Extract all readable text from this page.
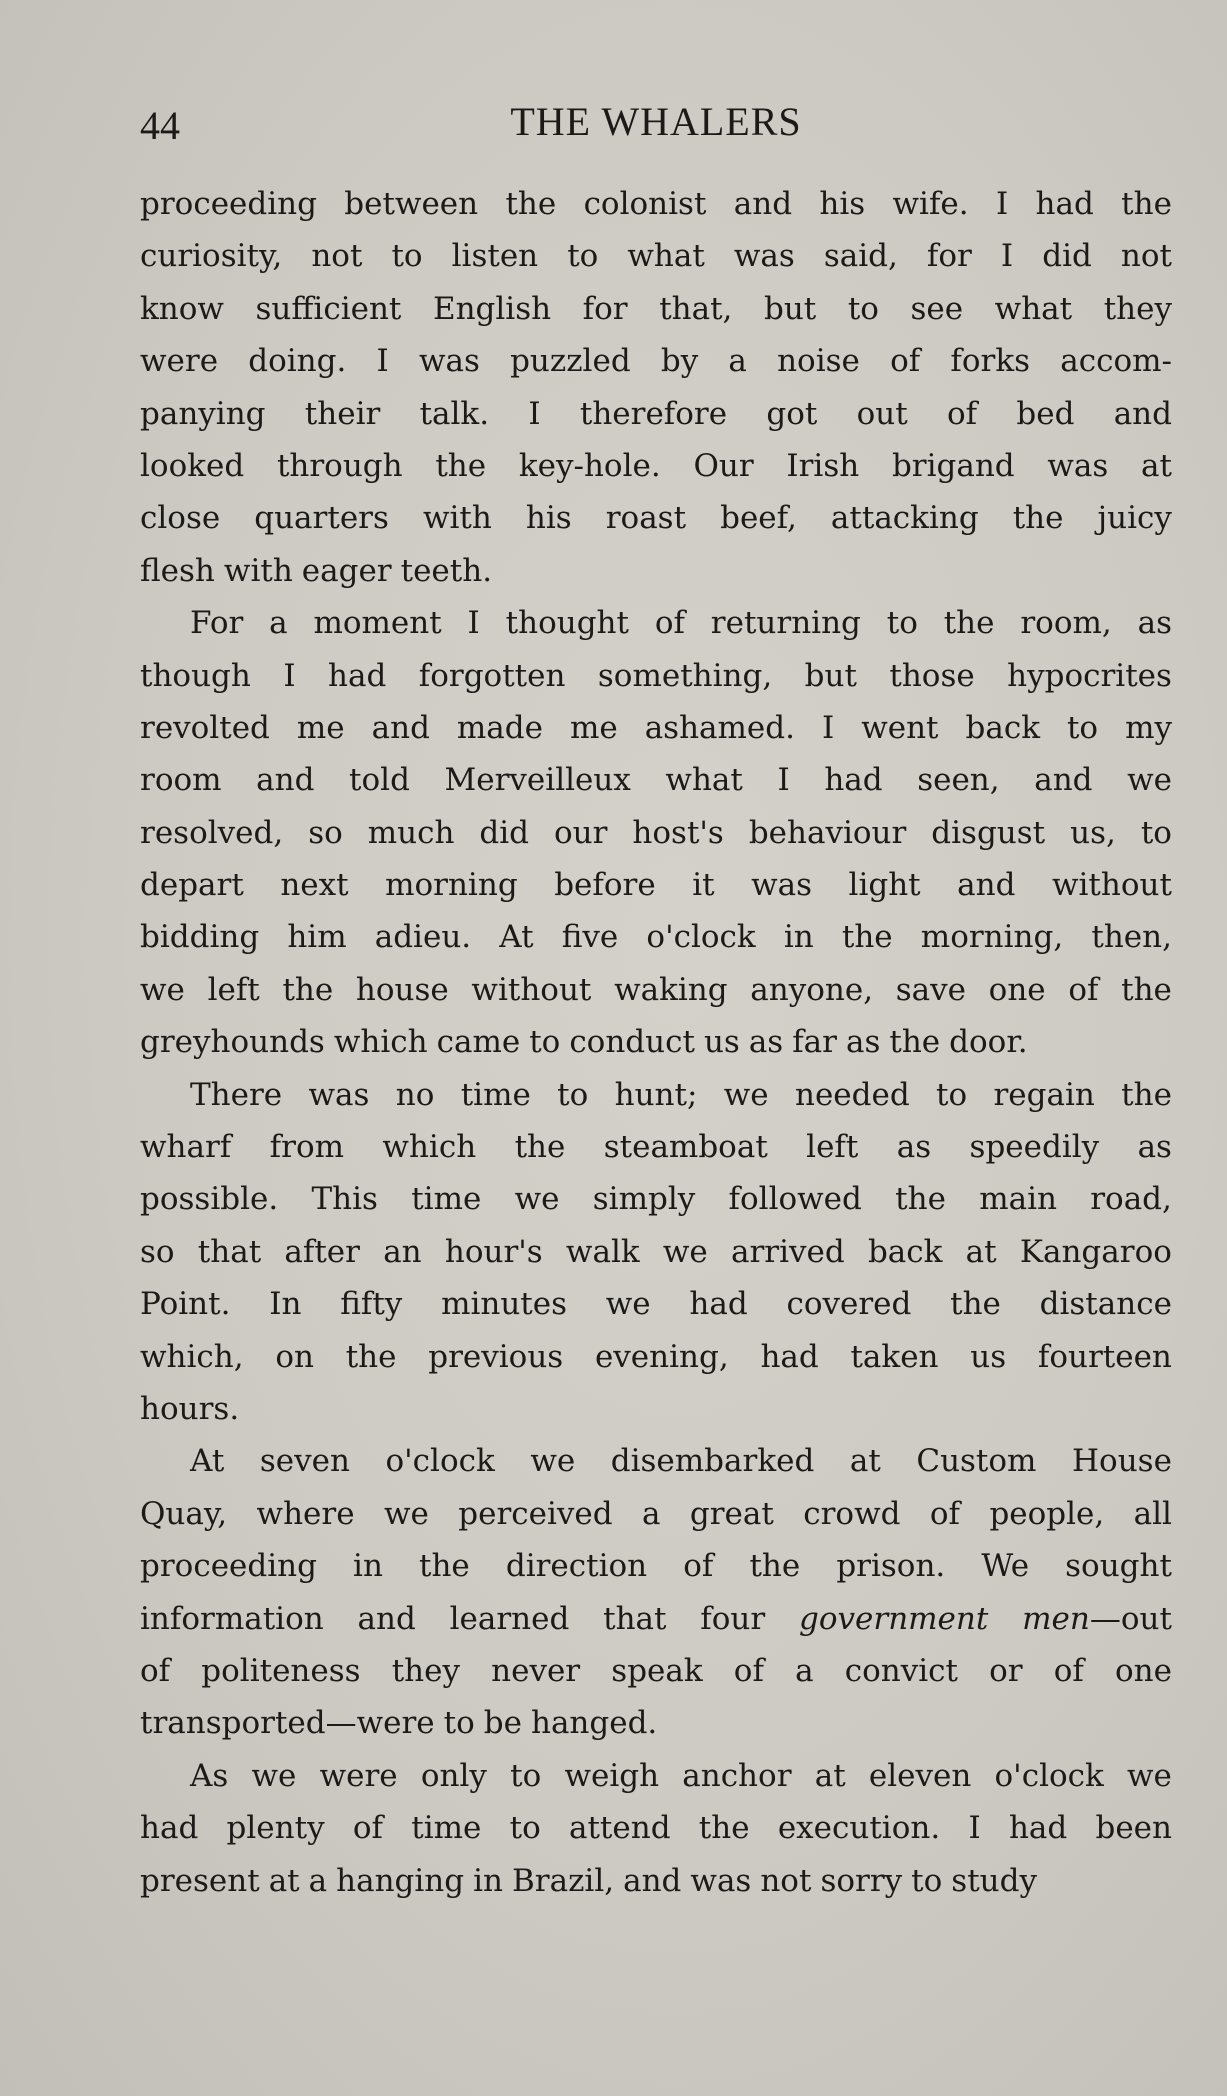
44	THE WHALERS
proceeding between the colonist and his wife. I had the
curiosity, not to listen to what was said, for I did not
know sufficient English for that, but to see what they
were doing. I was puzzled by a noise of forks accom-
panying their talk. I therefore got out of bed and
looked through the key-hole. Our Irish brigand was at
close quarters with his roast beef, attacking the juicy
flesh with eager teeth.
For a moment I thought of returning to the room, as
though I had forgotten something, but those hypocrites
revolted me and made me ashamed. I went back to my
room and told Merveilleux what I had seen, and we
resolved, so much did our host's behaviour disgust us, to
depart next morning before it was light and without
bidding him adieu. At five o'clock in the morning, then,
we left the house without waking anyone, save one of the
greyhounds which came to conduct us as far as the door.
There was no time to hunt; we needed to regain the
wharf from which the steamboat left as speedily as
possible. This time we simply followed the main road,
so that after an hour's walk we arrived back at Kangaroo
Point. In fifty minutes we had covered the distance
which, on the previous evening, had taken us fourteen
hours.
At seven o'clock we disembarked at Custom House
Quay, where we perceived a great crowd of people, all
proceeding in the direction of the prison. We sought
information and learned that four government men—out
of politeness they never speak of a convict or of one
transported—were to be hanged.
As we were only to weigh anchor at eleven o'clock we
had plenty of time to attend the execution. I had been
present at a hanging in Brazil, and was not sorry to study
